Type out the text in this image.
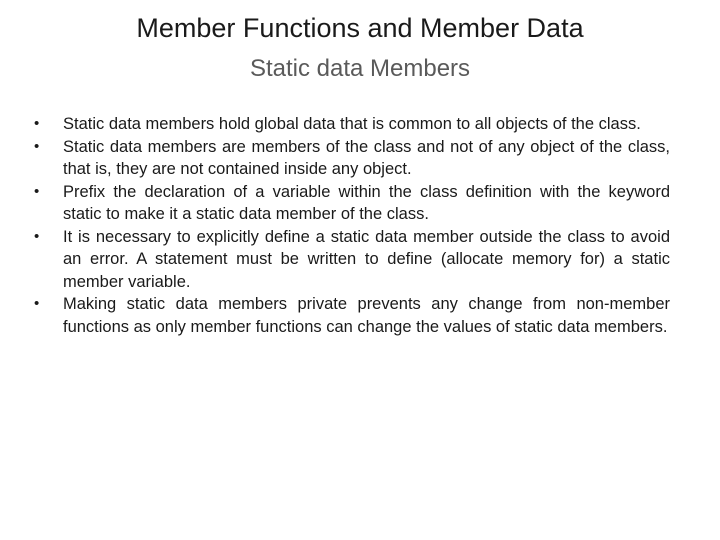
Member Functions and Member Data
Static data Members
•	Static data members hold global data that is common to all objects of the class.
•	Static data members are members of the class and not of any object of the class, that is, they are not contained inside any object.
•	Prefix the declaration of a variable within the class definition with the keyword static to make it a static data member of the class.
•	It is necessary to explicitly define a static data member outside the class to avoid an error. A statement must be written to define (allocate memory for) a static member variable.
•	Making static data members private prevents any change from non-member functions as only member functions can change the values of static data members.
